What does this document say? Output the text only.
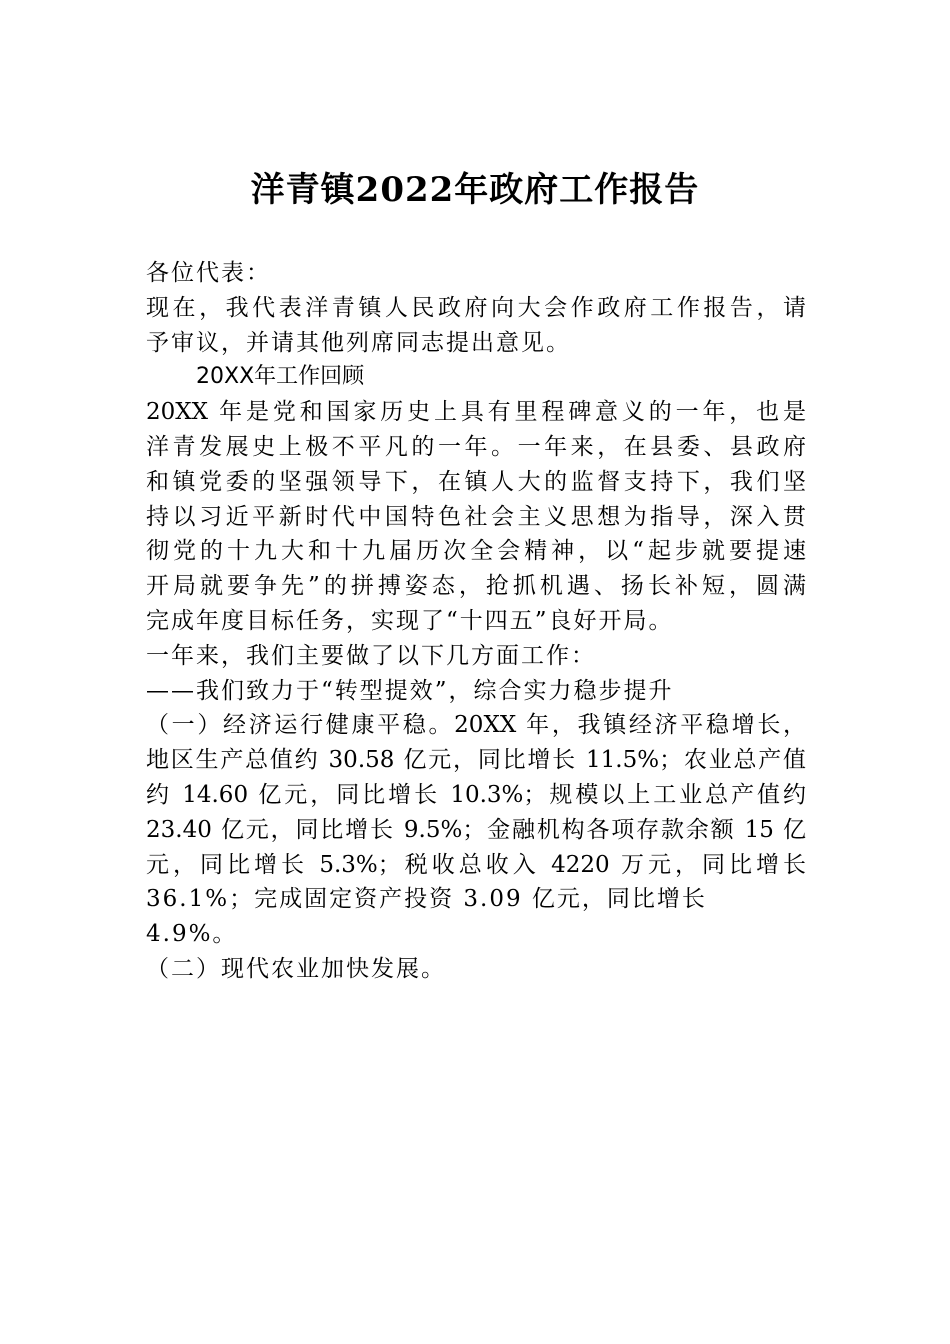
洋青镇2022年政府工作报告
各位代表：
现在，我代表洋青镇人民政府向大会作政府工作报告，请
予审议，并请其他列席同志提出意见。
20XX年工作回顾
20XX 年是党和国家历史上具有里程碑意义的一年，也是
洋青发展史上极不平凡的一年。一年来，在县委、县政府
和镇党委的坚强领导下，在镇人大的监督支持下，我们坚
持以习近平新时代中国特色社会主义思想为指导，深入贯
彻党的十九大和十九届历次全会精神，以“起步就要提速
开局就要争先”的拼搏姿态，抢抓机遇、扬长补短，圆满
完成年度目标任务，实现了“十四五”良好开局。
一年来，我们主要做了以下几方面工作：
——我们致力于“转型提效”，综合实力稳步提升
（一）经济运行健康平稳。20XX 年，我镇经济平稳增长，
地区生产总值约 30.58 亿元，同比增长 11.5%；农业总产值
约 14.60 亿元，同比增长 10.3%；规模以上工业总产值约
23.40 亿元，同比增长 9.5%；金融机构各项存款余额 15 亿
元，同比增长 5.3%；税收总收入 4220 万元，同比增长
36.1%；完成固定资产投资 3.09 亿元，同比增长 4.9%。
（二）现代农业加快发展。
